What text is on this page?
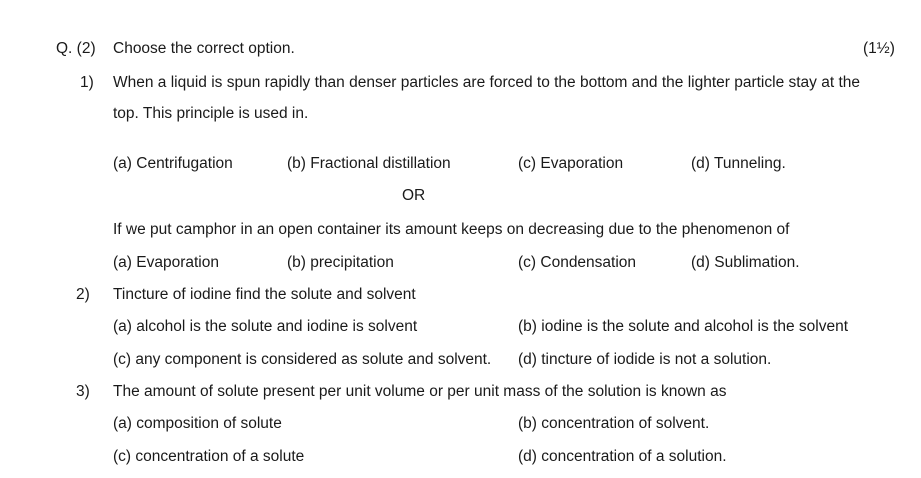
Q. (2) Choose the correct option.	(1½)
1) When a liquid is spun rapidly than denser particles are forced to the bottom and the lighter particle stay at the
top. This principle is used in.
(a) Centrifugation	(b) Fractional distillation	(c) Evaporation	(d) Tunneling.
OR
If we put camphor in an open container its amount keeps on decreasing due to the phenomenon of
(a) Evaporation	(b) precipitation	(c) Condensation	(d) Sublimation.
2) Tincture of iodine find the solute and solvent
(a) alcohol is the solute and iodine is solvent	(b) iodine is the solute and alcohol is the solvent
(c) any component is considered as solute and solvent. (d) tincture of iodide is not a solution.
3) The amount of solute present per unit volume or per unit mass of the solution is known as
(a) composition of solute	(b) concentration of solvent.
(c) concentration of a solute	(d) concentration of a solution.
